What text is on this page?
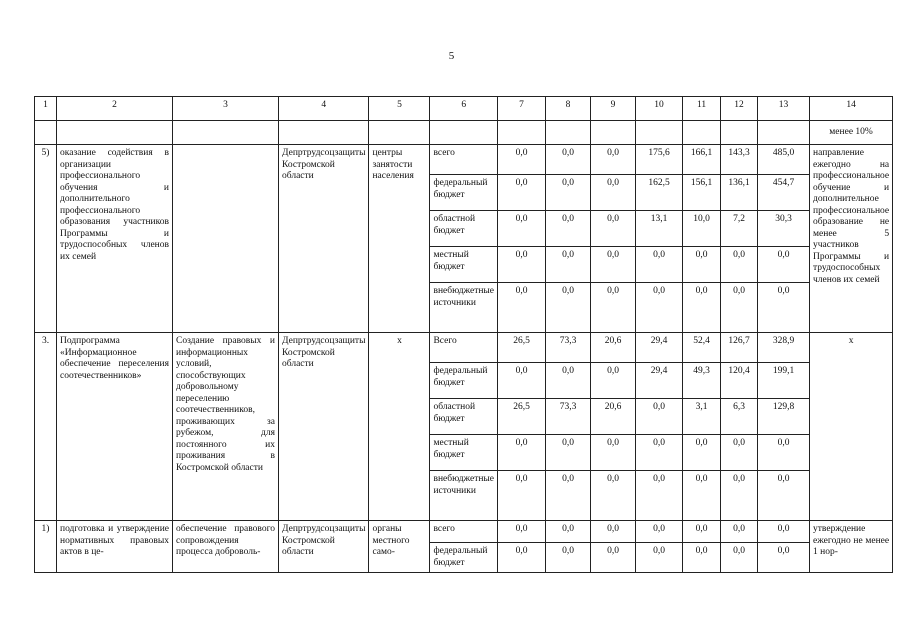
5
1	2	3	4	5	6	7	8	9	10	11	12	13	14
													менее 10%
5)	оказание содействия в организации профессионального обучения и дополнительного профессионального образования участников Программы и трудоспособных членов их семей		Депртрудсоцзащиты Костромской области	центры занятости населения	всего	0,0	0,0	0,0	175,6	166,1	143,3	485,0	направление ежегодно на профессиональное обучение и дополнительное профессиональное образование не менее 5 участников Программы и трудоспособных членов их семей
					федеральный бюджет	0,0	0,0	0,0	162,5	156,1	136,1	454,7	
					областной бюджет	0,0	0,0	0,0	13,1	10,0	7,2	30,3	
					местный бюджет	0,0	0,0	0,0	0,0	0,0	0,0	0,0	
					внебюджетные источники	0,0	0,0	0,0	0,0	0,0	0,0	0,0	
3.	Подпрограмма «Информационное обеспечение переселения соотечественников»	Создание правовых и информационных условий, способствующих добровольному переселению соотечественников, проживающих за рубежом, для постоянного их проживания в Костромской области	Депртрудсоцзащиты Костромской области	х	Всего	26,5	73,3	20,6	29,4	52,4	126,7	328,9	х
					федеральный бюджет	0,0	0,0	0,0	29,4	49,3	120,4	199,1	
					областной бюджет	26,5	73,3	20,6	0,0	3,1	6,3	129,8	
					местный бюджет	0,0	0,0	0,0	0,0	0,0	0,0	0,0	
					внебюджетные источники	0,0	0,0	0,0	0,0	0,0	0,0	0,0	
1)	подготовка и утверждение нормативных правовых актов в це-	обеспечение правового сопровождения процесса доброволь-	Депртрудсоцзащиты Костромской области	органы местного само-	всего	0,0	0,0	0,0	0,0	0,0	0,0	0,0	утверждение ежегодно не менее 1 нор-
					федеральный бюджет	0,0	0,0	0,0	0,0	0,0	0,0	0,0	
